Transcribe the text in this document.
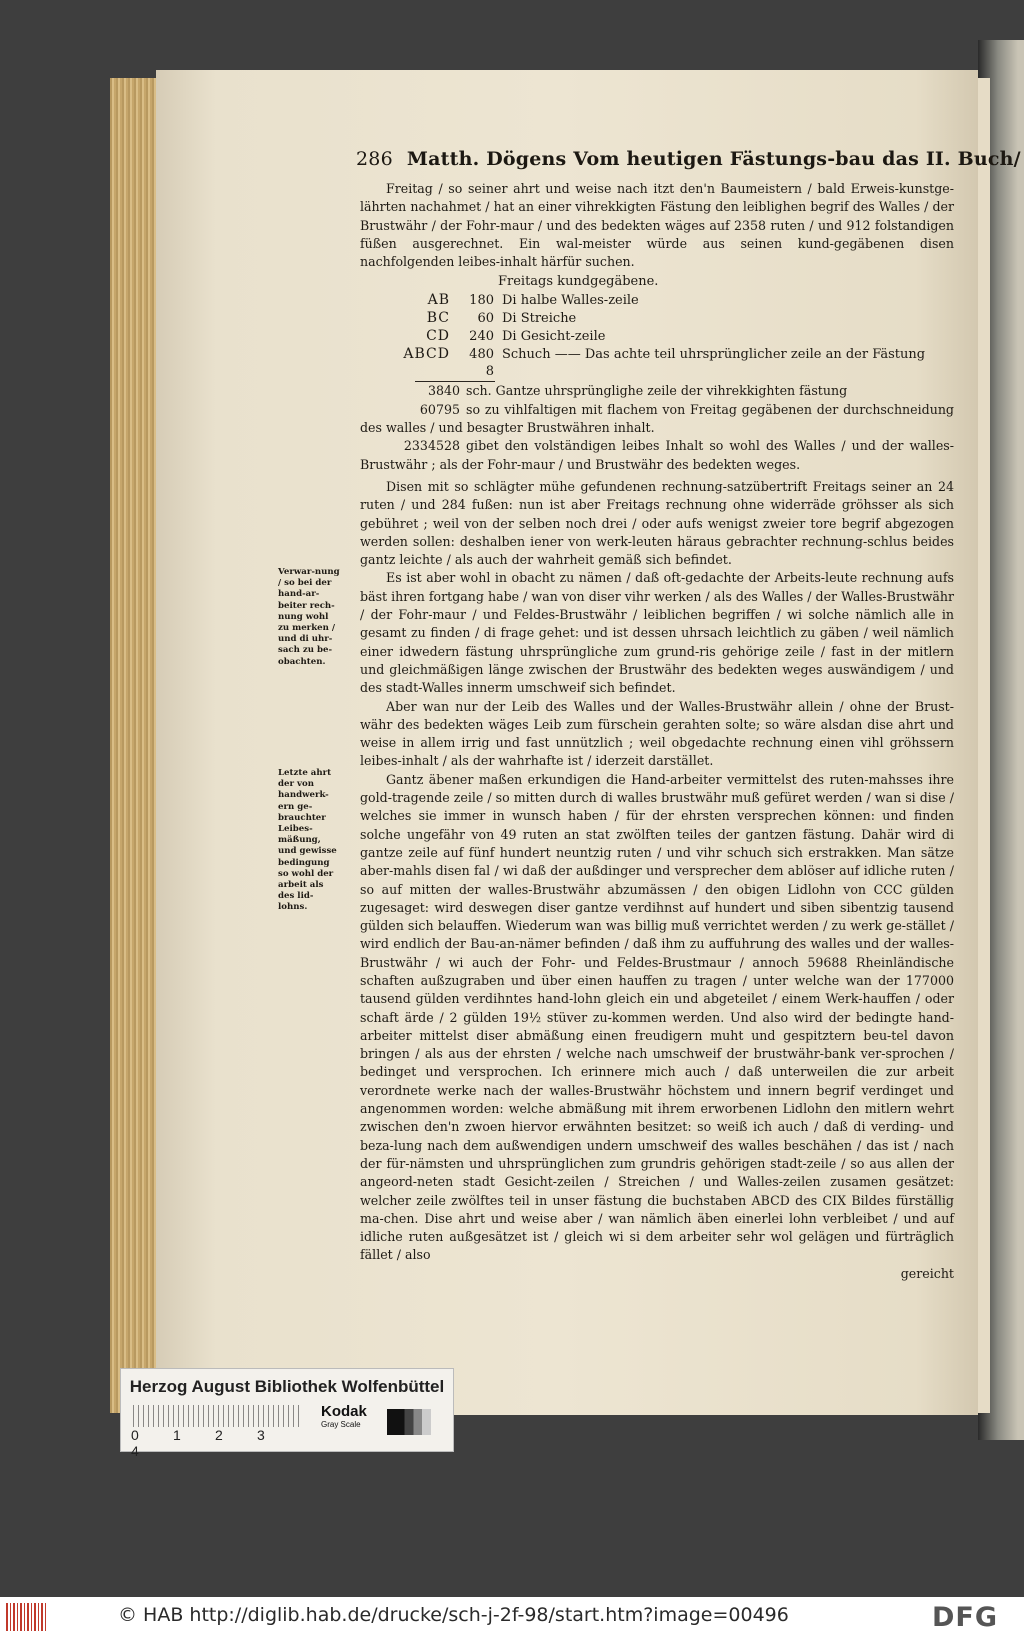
286 Matth. Dögens Vom heutigen Fästungs-bau das II. Buch/
Verwar-nung / so bei der hand-ar-beiter rech-nung wohl zu merken / und di uhr-sach zu be-obachten.
Letzte ahrt der von handwerk-ern ge-brauchter Leibes-mäßung, und gewisse bedingung so wohl der arbeit als des lid-lohns.

Freitag / so seiner ahrt und weise nach itzt den'n Baumeistern / bald Erweis-kunstge-lährten nachahmet / hat an einer vihrekkigten Fästung den leiblighen begrif des Walles / der Brustwähr / der Fohr-maur / und des bedekten wäges auf 2358 ruten / und 912 folstandigen füßen ausgerechnet. Ein wal-meister würde aus seinen kund-gegäbenen disen nachfolgenden leibes-inhalt härfür suchen.

Freitags kundgegäbene.
AB	180 Di halbe Walles-zeile
BC	60 Di Streiche
CD	240 Di Gesicht-zeile
ABCD	480 Schuch —— Das achte teil uhrsprünglicher zeile an der Fästung
8

3840 sch. Gantze uhrsprünglighe zeile der vihrekkighten fästung

60795 so zu vihlfaltigen mit flachem von Freitag gegäbenen der durchschneidung des walles / und besagter Brustwähren inhalt.

2334528 gibet den volständigen leibes Inhalt so wohl des Walles / und der walles-Brustwähr ; als der Fohr-maur / und Brustwähr des bedekten weges.

Disen mit so schlägter mühe gefundenen rechnung-satzübertrift Freitags seiner an 24 ruten / und 284 fußen: nun ist aber Freitags rechnung ohne widerräde gröhsser als sich gebühret ; weil von der selben noch drei / oder aufs wenigst zweier tore begrif abgezogen werden sollen: deshalben iener von werk-leuten häraus gebrachter rechnung-schlus beides gantz leichte / als auch der wahrheit gemäß sich befindet.

Es ist aber wohl in obacht zu nämen / daß oft-gedachte der Arbeits-leute rechnung aufs bäst ihren fortgang habe / wan von diser vihr werken / als des Walles / der Walles-Brustwähr / der Fohr-maur / und Feldes-Brustwähr / leiblichen begriffen / wi solche nämlich alle in gesamt zu finden / di frage gehet: und ist dessen uhrsach leichtlich zu gäben / weil nämlich einer idwedern fästung uhrsprüngliche zum grund-ris gehörige zeile / fast in der mitlern und gleichmäßigen länge zwischen der Brustwähr des bedekten weges auswändigem / und des stadt-Walles innerm umschweif sich befindet.

Aber wan nur der Leib des Walles und der Walles-Brustwähr allein / ohne der Brust-währ des bedekten wäges Leib zum fürschein gerahten solte; so wäre alsdan dise ahrt und weise in allem irrig und fast unnützlich ; weil obgedachte rechnung einen vihl gröhssern leibes-inhalt / als der wahrhafte ist / iderzeit darstället.

Gantz äbener maßen erkundigen die Hand-arbeiter vermittelst des ruten-mahsses ihre gold-tragende zeile / so mitten durch di walles brustwähr muß gefüret werden / wan si dise / welches sie immer in wunsch haben / für der ehrsten versprechen können: und finden solche ungefähr von 49 ruten an stat zwölften teiles der gantzen fästung. Dahär wird di gantze zeile auf fünf hundert neuntzig ruten / und vihr schuch sich erstrakken. Man sätze aber-mahls disen fal / wi daß der außdinger und versprecher dem ablöser auf idliche ruten / so auf mitten der walles-Brustwähr abzumässen / den obigen Lidlohn von CCC gülden zugesaget: wird deswegen diser gantze verdihnst auf hundert und siben sibentzig tausend gülden sich belauffen. Wiederum wan was billig muß verrichtet werden / zu werk ge-stället / wird endlich der Bau-an-nämer befinden / daß ihm zu auffuhrung des walles und der walles-Brustwähr / wi auch der Fohr- und Feldes-Brustmaur / annoch 59688 Rheinländische schaften außzugraben und über einen hauffen zu tragen / unter welche wan der 177000 tausend gülden verdihntes hand-lohn gleich ein und abgeteilet / einem Werk-hauffen / oder schaft ärde / 2 gülden 19½ stüver zu-kommen werden. Und also wird der bedingte hand-arbeiter mittelst diser abmäßung einen freudigern muht und gespitztern beu-tel davon bringen / als aus der ehrsten / welche nach umschweif der brustwähr-bank ver-sprochen / bedinget und versprochen. Ich erinnere mich auch / daß unterweilen die zur arbeit verordnete werke nach der walles-Brustwähr höchstem und innern begrif verdinget und angenommen worden: welche abmäßung mit ihrem erworbenen Lidlohn den mitlern wehrt zwischen den'n zwoen hiervor erwähnten besitzet: so weiß ich auch / daß di verding- und beza-lung nach dem außwendigen undern umschweif des walles beschähen / das ist / nach der für-nämsten und uhrsprünglichen zum grundris gehörigen stadt-zeile / so aus allen der angeord-neten stadt Gesicht-zeilen / Streichen / und Walles-zeilen zusamen gesätzet: welcher zeile zwölftes teil in unser fästung die buchstaben ABCD des CIX Bildes fürställig ma-chen. Dise ahrt und weise aber / wan nämlich äben einerlei lohn verbleibet / und auf idliche ruten außgesätzet ist / gleich wi si dem arbeiter sehr wol gelägen und fürträglich fället / also

gereicht
Herzog August Bibliothek Wolfenbüttel
0 1 2 34
Kodak
Gray Scale
© HAB http://diglib.hab.de/drucke/sch-j-2f-98/start.htm?image=00496	DFG
